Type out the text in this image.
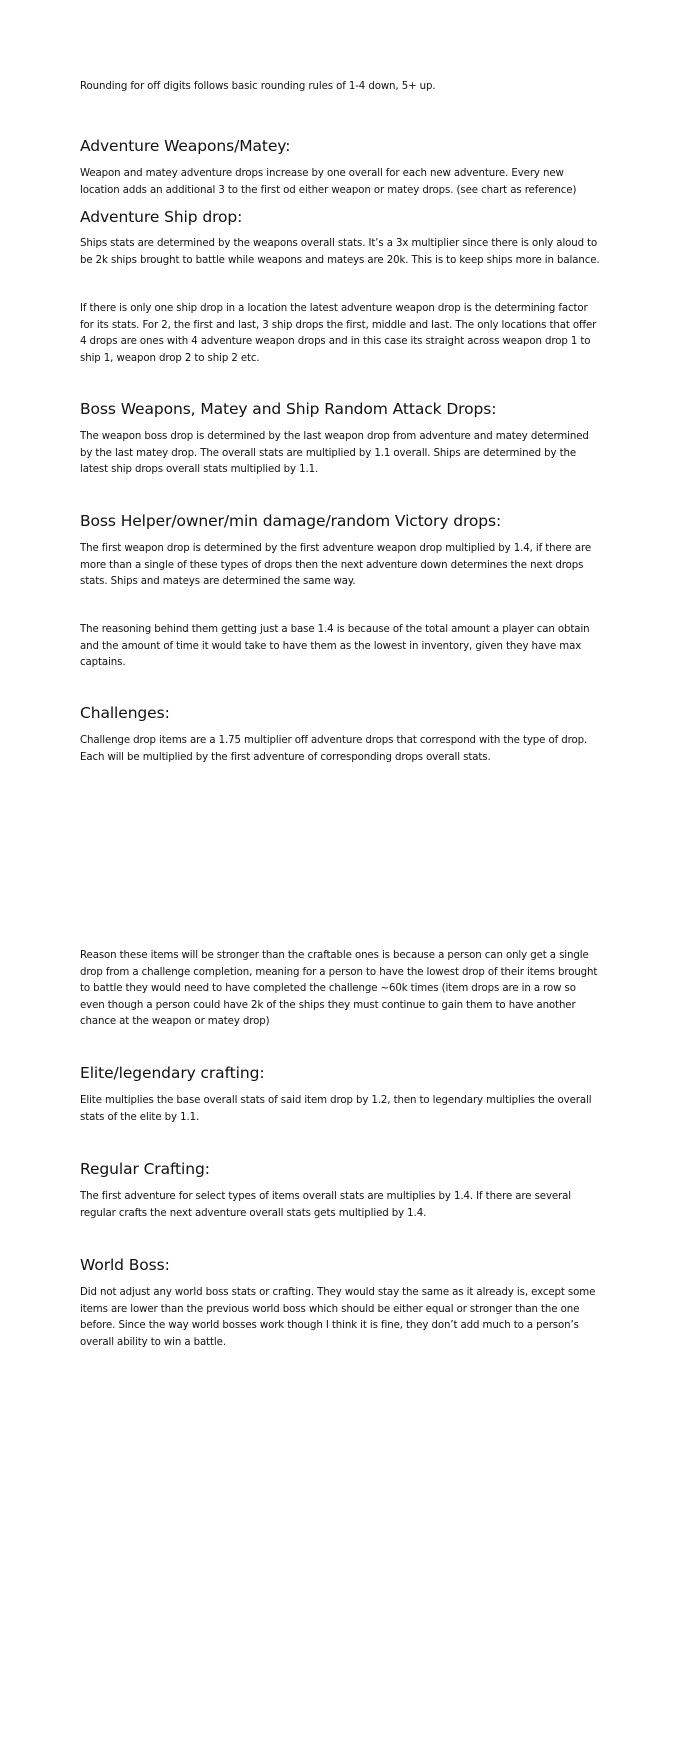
Rounding for off digits follows basic rounding rules of 1-4 down, 5+ up.

Adventure Weapons/Matey:

Weapon and matey adventure drops increase by one overall for each new adventure. Every new location adds an additional 3 to the first od either weapon or matey drops. (see chart as reference)

Adventure Ship drop:

Ships stats are determined by the weapons overall stats. It’s a 3x multiplier since there is only aloud to be 2k ships brought to battle while weapons and mateys are 20k. This is to keep ships more in balance.

If there is only one ship drop in a location the latest adventure weapon drop is the determining factor for its stats. For 2, the first and last, 3 ship drops the first, middle and last. The only locations that offer 4 drops are ones with 4 adventure weapon drops and in this case its straight across weapon drop 1 to ship 1, weapon drop 2 to ship 2 etc.

Boss Weapons, Matey and Ship Random Attack Drops:

The weapon boss drop is determined by the last weapon drop from adventure and matey determined by the last matey drop. The overall stats are multiplied by 1.1 overall. Ships are determined by the latest ship drops overall stats multiplied by 1.1.

Boss Helper/owner/min damage/random Victory drops:

The first weapon drop is determined by the first adventure weapon drop multiplied by 1.4, if there are more than a single of these types of drops then the next adventure down determines the next drops stats. Ships and mateys are determined the same way.

The reasoning behind them getting just a base 1.4 is because of the total amount a player can obtain and the amount of time it would take to have them as the lowest in inventory, given they have max captains.

Challenges:

Challenge drop items are a 1.75 multiplier off adventure drops that correspond with the type of drop. Each will be multiplied by the first adventure of corresponding drops overall stats.

Reason these items will be stronger than the craftable ones is because a person can only get a single drop from a challenge completion, meaning for a person to have the lowest drop of their items brought to battle they would need to have completed the challenge ~60k times (item drops are in a row so even though a person could have 2k of the ships they must continue to gain them to have another chance at the weapon or matey drop)

Elite/legendary crafting:

Elite multiplies the base overall stats of said item drop by 1.2, then to legendary multiplies the overall stats of the elite by 1.1.

Regular Crafting:

The first adventure for select types of items overall stats are multiplies by 1.4. If there are several regular crafts the next adventure overall stats gets multiplied by 1.4.

World Boss:

Did not adjust any world boss stats or crafting. They would stay the same as it already is, except some items are lower than the previous world boss which should be either equal or stronger than the one before. Since the way world bosses work though I think it is fine, they don’t add much to a person’s overall ability to win a battle.
